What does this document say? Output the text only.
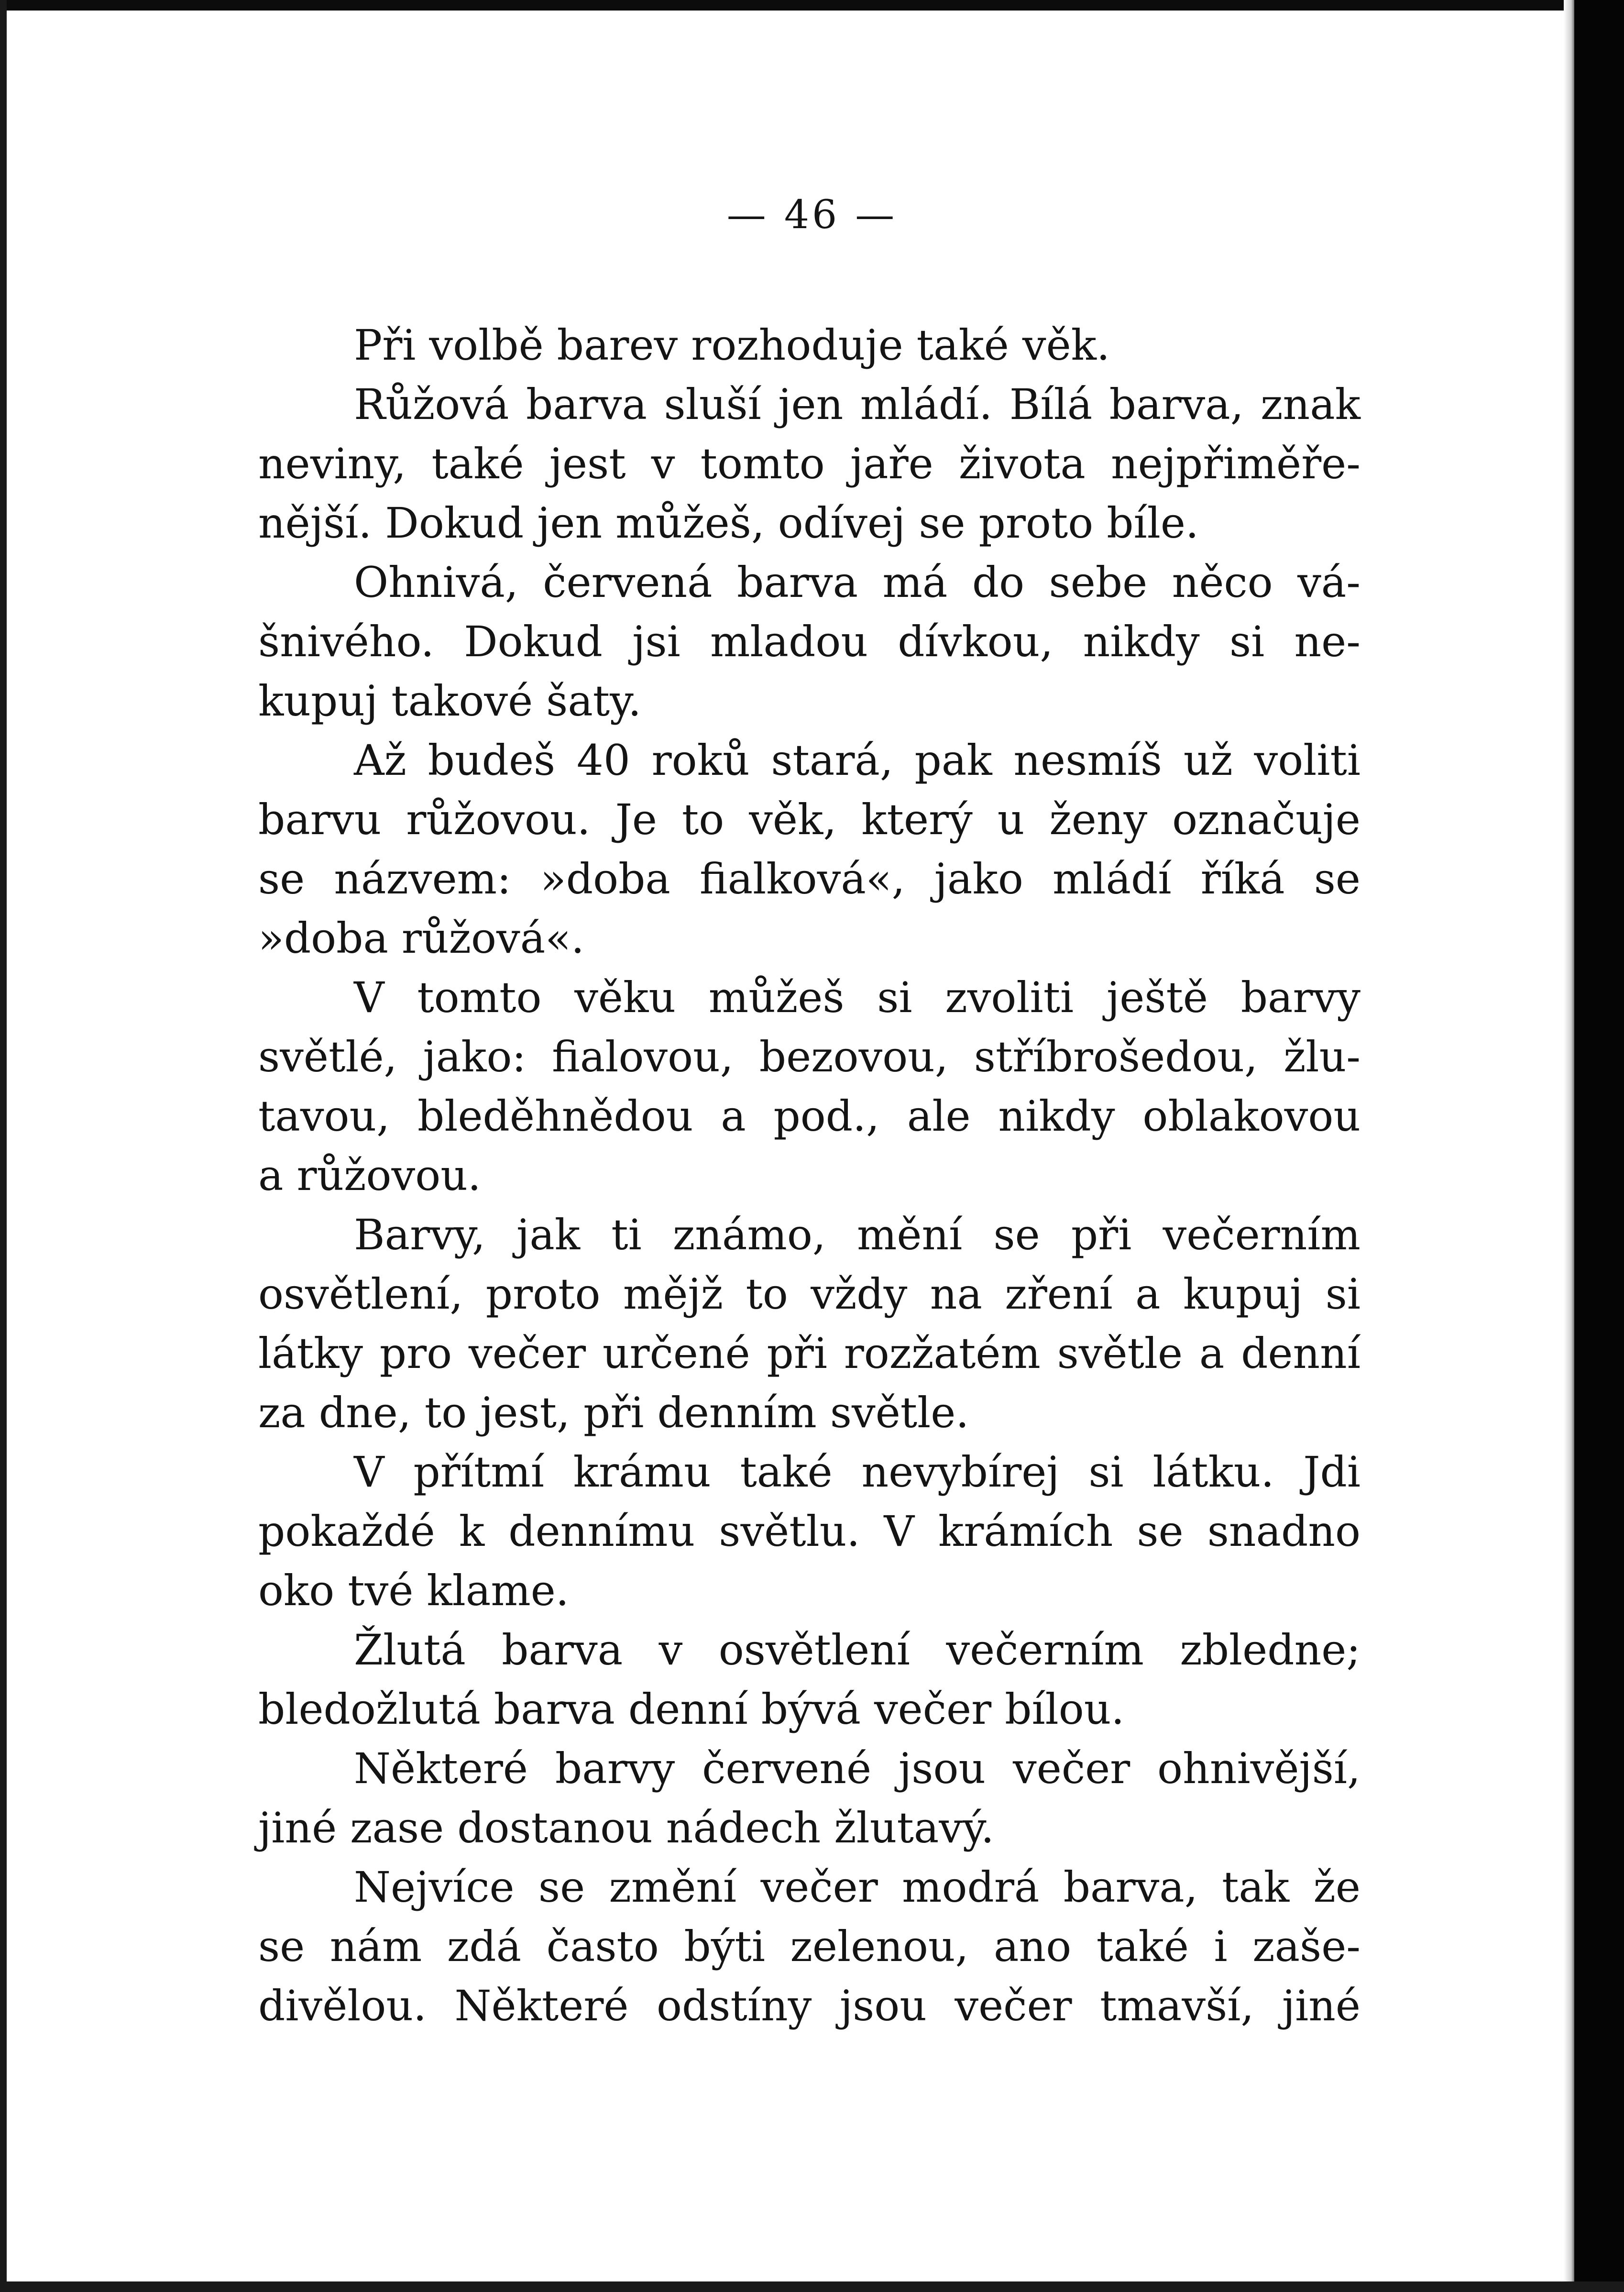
— 46 —
Při volbě barev rozhoduje také věk.
Růžová barva sluší jen mládí. Bílá barva, znak
neviny, také jest v tomto jaře života nejpřiměře-
nější. Dokud jen můžeš, odívej se proto bíle.
Ohnivá, červená barva má do sebe něco vá-
šnivého. Dokud jsi mladou dívkou, nikdy si ne-
kupuj takové šaty.
Až budeš 40 roků stará, pak nesmíš už voliti
barvu růžovou. Je to věk, který u ženy označuje
se názvem: »doba fialková«, jako mládí říká se
»doba růžová«.
V tomto věku můžeš si zvoliti ještě barvy
světlé, jako: fialovou, bezovou, stříbrošedou, žlu-
tavou, bleděhnědou a pod., ale nikdy oblakovou
a růžovou.
Barvy, jak ti známo, mění se při večerním
osvětlení, proto mějž to vždy na zření a kupuj si
látky pro večer určené při rozžatém světle a denní
za dne, to jest, při denním světle.
V přítmí krámu také nevybírej si látku. Jdi
pokaždé k dennímu světlu. V krámích se snadno
oko tvé klame.
Žlutá barva v osvětlení večerním zbledne;
bledožlutá barva denní bývá večer bílou.
Některé barvy červené jsou večer ohnivější,
jiné zase dostanou nádech žlutavý.
Nejvíce se změní večer modrá barva, tak že
se nám zdá často býti zelenou, ano také i zaše-
divělou. Některé odstíny jsou večer tmavší, jiné
